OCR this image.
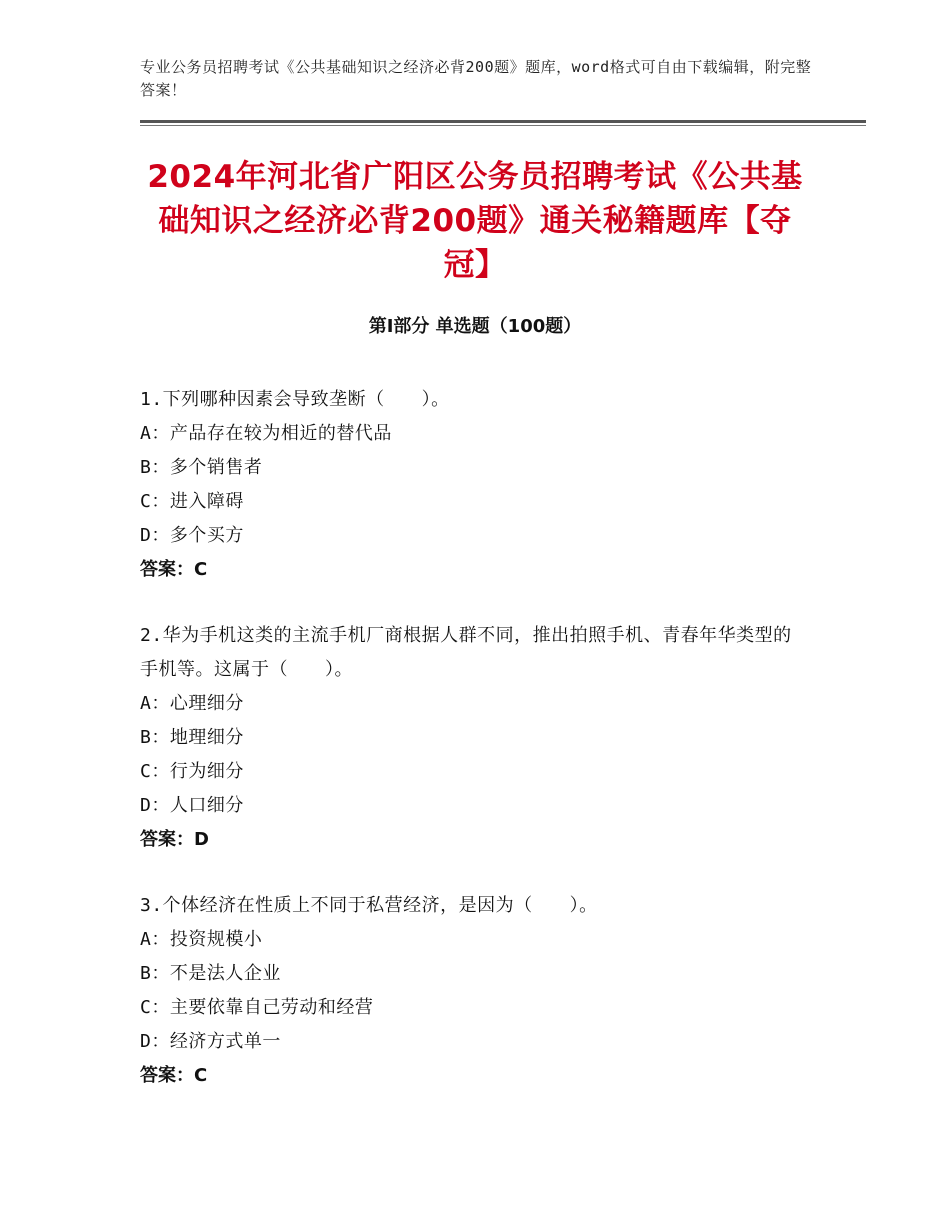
专业公务员招聘考试《公共基础知识之经济必背200题》题库，word格式可自由下载编辑，附完整答案！
2024年河北省广阳区公务员招聘考试《公共基础知识之经济必背200题》通关秘籍题库【夺冠】
第Ⅰ部分 单选题（100题）
1.下列哪种因素会导致垄断（　　）。
A：产品存在较为相近的替代品
B：多个销售者
C：进入障碍
D：多个买方
答案：C
2.华为手机这类的主流手机厂商根据人群不同，推出拍照手机、青春年华类型的手机等。这属于（　　）。
A：心理细分
B：地理细分
C：行为细分
D：人口细分
答案：D
3.个体经济在性质上不同于私营经济，是因为（　　）。
A：投资规模小
B：不是法人企业
C：主要依靠自己劳动和经营
D：经济方式单一
答案：C
